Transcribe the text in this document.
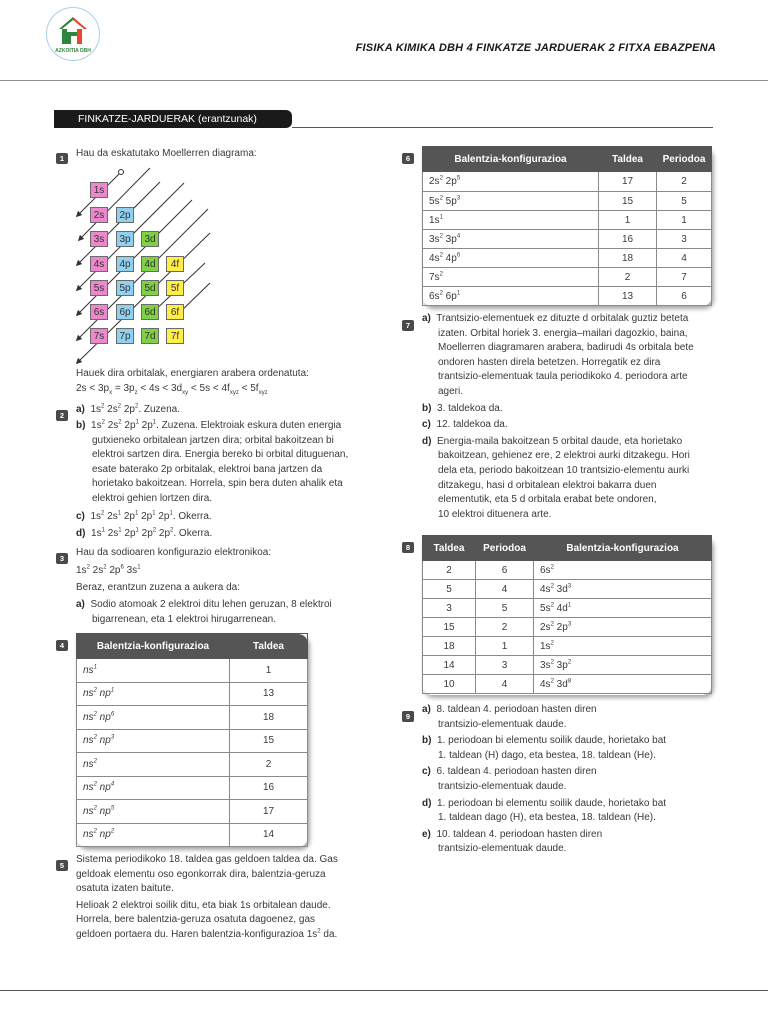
AZKOITIA DBH	FISIKA KIMIKA DBH 4 FINKATZE JARDUERAK 2 FITXA EBAZPENA
FINKATZE-JARDUERAK (erantzunak)
1	Hau da eskatutako Moellerren diagrama:
1s
2s	2p
3s	3p	3d
4s	4p	4d	4f
5s	5p	5d	5f
6s	6p	6d	6f
7s	7p	7d	7f
Hauek dira orbitalak, energiaren arabera ordenatuta:
$2s < 3p_x = 3p_z < 4s < 3d_{xy} < 5s < 4f_{xyz} < 5f_{xyz}$
2
a)  $1s^2$ $2s^2$ $2p^2$. Zuzena.
b)  $1s^2$ $2s^2$ $2p^1$ $2p^1$. Zuzena. Elektroiak eskura duten energia
gutxieneko orbitalean jartzen dira; orbital bakoitzean bi
elektroi sartzen dira. Energia bereko bi orbital dituguenan,
esate baterako 2p orbitalak, elektroi bana jartzen da
horietako bakoitzean. Horrela, spin bera duten ahalik eta
elektroi gehien lortzen dira.
c)  $1s^2$ $2s^1$ $2p^1$ $2p^1$ $2p^1$. Okerra.
d)  $1s^1$ $2s^1$ $2p^1$ $2p^2$ $2p^2$. Okerra.
3
Hau da sodioaren konfigurazio elektronikoa:
$1s^2$ $2s^2$ $2p^6$ $3s^1$
Beraz, erantzun zuzena a aukera da:
a) Sodio atomoak 2 elektroi ditu lehen geruzan, 8 elektroi
bigarrenean, eta 1 elektroi hirugarrenean.
4	Balentzia-konfigurazioa	Taldea
$ns^1$	1
$ns^2$ $np^1$	13
$ns^2$ $np^6$	18
$ns^2$ $np^3$	15
$ns^2$	2
$ns^2$ $np^4$	16
$ns^2$ $np^5$	17
$ns^2$ $np^2$	14
5
Sistema periodikoko 18. taldea gas geldoen taldea da. Gas
geldoak elementu oso egonkorrak dira, balentzia-geruza
osatuta izaten baitute.
Helioak 2 elektroi soilik ditu, eta biak 1s orbitalean daude.
Horrela, bere balentzia-geruza osatuta dagoenez, gas
geldoen portaera du. Haren balentzia-konfigurazioa $1s^2$ da.
6	Balentzia-konfigurazioa	Taldea	Periodoa
$2s^2$ $2p^5$	17	2
$5s^2$ $5p^3$	15	5
$1s^1$	1	1
$3s^2$ $3p^4$	16	3
$4s^2$ $4p^6$	18	4
$7s^2$	2	7
$6s^2$ $6p^1$	13	6
7
a) Trantsizio-elementuek ez dituzte d orbitalak guztiz beteta
izaten. Orbital horiek 3. energia–mailari dagozkio, baina,
Moellerren diagramaren arabera, badirudi 4s orbitala bete
ondoren hasten direla betetzen. Horregatik ez dira
trantsizio-elementuak taula periodikoko 4. periodora arte
ageri.
b) 3. taldekoa da.
c) 12. taldekoa da.
d) Energia-maila bakoitzean 5 orbital daude, eta horietako
bakoitzean, gehienez ere, 2 elektroi aurki ditzakegu. Hori
dela eta, periodo bakoitzean 10 trantsizio-elementu aurki
ditzakegu, hasi d orbitalean elektroi bakarra duen
elementutik, eta 5 d orbitala erabat bete ondoren,
10 elektroi dituenera arte.
8	Taldea	Periodoa	Balentzia-konfigurazioa
2	6	$6s^2$
5	4	$4s^2$ $3d^3$
3	5	$5s^2$ $4d^1$
15	2	$2s^2$ $2p^3$
18	1	$1s^2$
14	3	$3s^2$ $3p^2$
10	4	$4s^2$ $3d^8$
9
a) 8. taldean 4. periodoan hasten diren
trantsizio-elementuak daude.
b) 1. periodoan bi elementu soilik daude, horietako bat
1. taldean (H) dago, eta bestea, 18. taldean (He).
c) 6. taldean 4. periodoan hasten diren
trantsizio-elementuak daude.
d) 1. periodoan bi elementu soilik daude, horietako bat
1. taldean dago (H), eta bestea, 18. taldean (He).
e) 10. taldean 4. periodoan hasten diren
trantsizio-elementuak daude.
